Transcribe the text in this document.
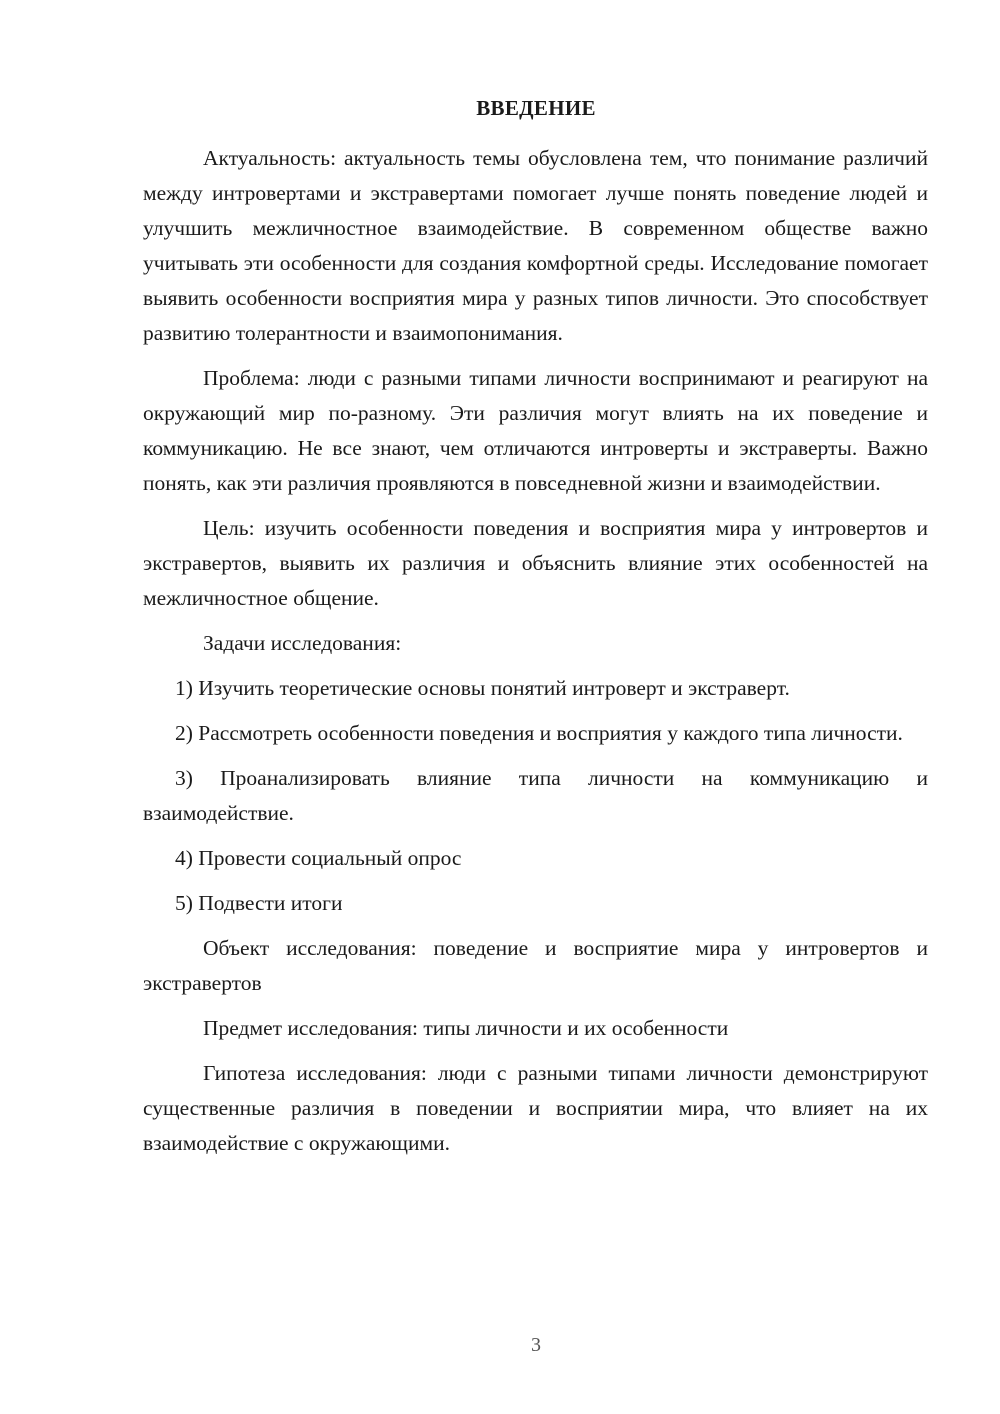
ВВЕДЕНИЕ

Актуальность: актуальность темы обусловлена тем, что понимание различий между интровертами и экстравертами помогает лучше понять поведение людей и улучшить межличностное взаимодействие. В современном обществе важно учитывать эти особенности для создания комфортной среды. Исследование помогает выявить особенности восприятия мира у разных типов личности. Это способствует развитию толерантности и взаимопонимания.

Проблема: люди с разными типами личности воспринимают и реагируют на окружающий мир по-разному. Эти различия могут влиять на их поведение и коммуникацию. Не все знают, чем отличаются интроверты и экстраверты. Важно понять, как эти различия проявляются в повседневной жизни и взаимодействии.

Цель: изучить особенности поведения и восприятия мира у интровертов и экстравертов, выявить их различия и объяснить влияние этих особенностей на межличностное общение.

Задачи исследования:

1) Изучить теоретические основы понятий интроверт и экстраверт.

2) Рассмотреть особенности поведения и восприятия у каждого типа личности.

3) Проанализировать влияние типа личности на коммуникацию и взаимодействие.

4) Провести социальный опрос

5) Подвести итоги

Объект исследования: поведение и восприятие мира у интровертов и экстравертов

Предмет исследования: типы личности и их особенности

Гипотеза исследования: люди с разными типами личности демонстрируют существенные различия в поведении и восприятии мира, что влияет на их взаимодействие с окружающими.

3
